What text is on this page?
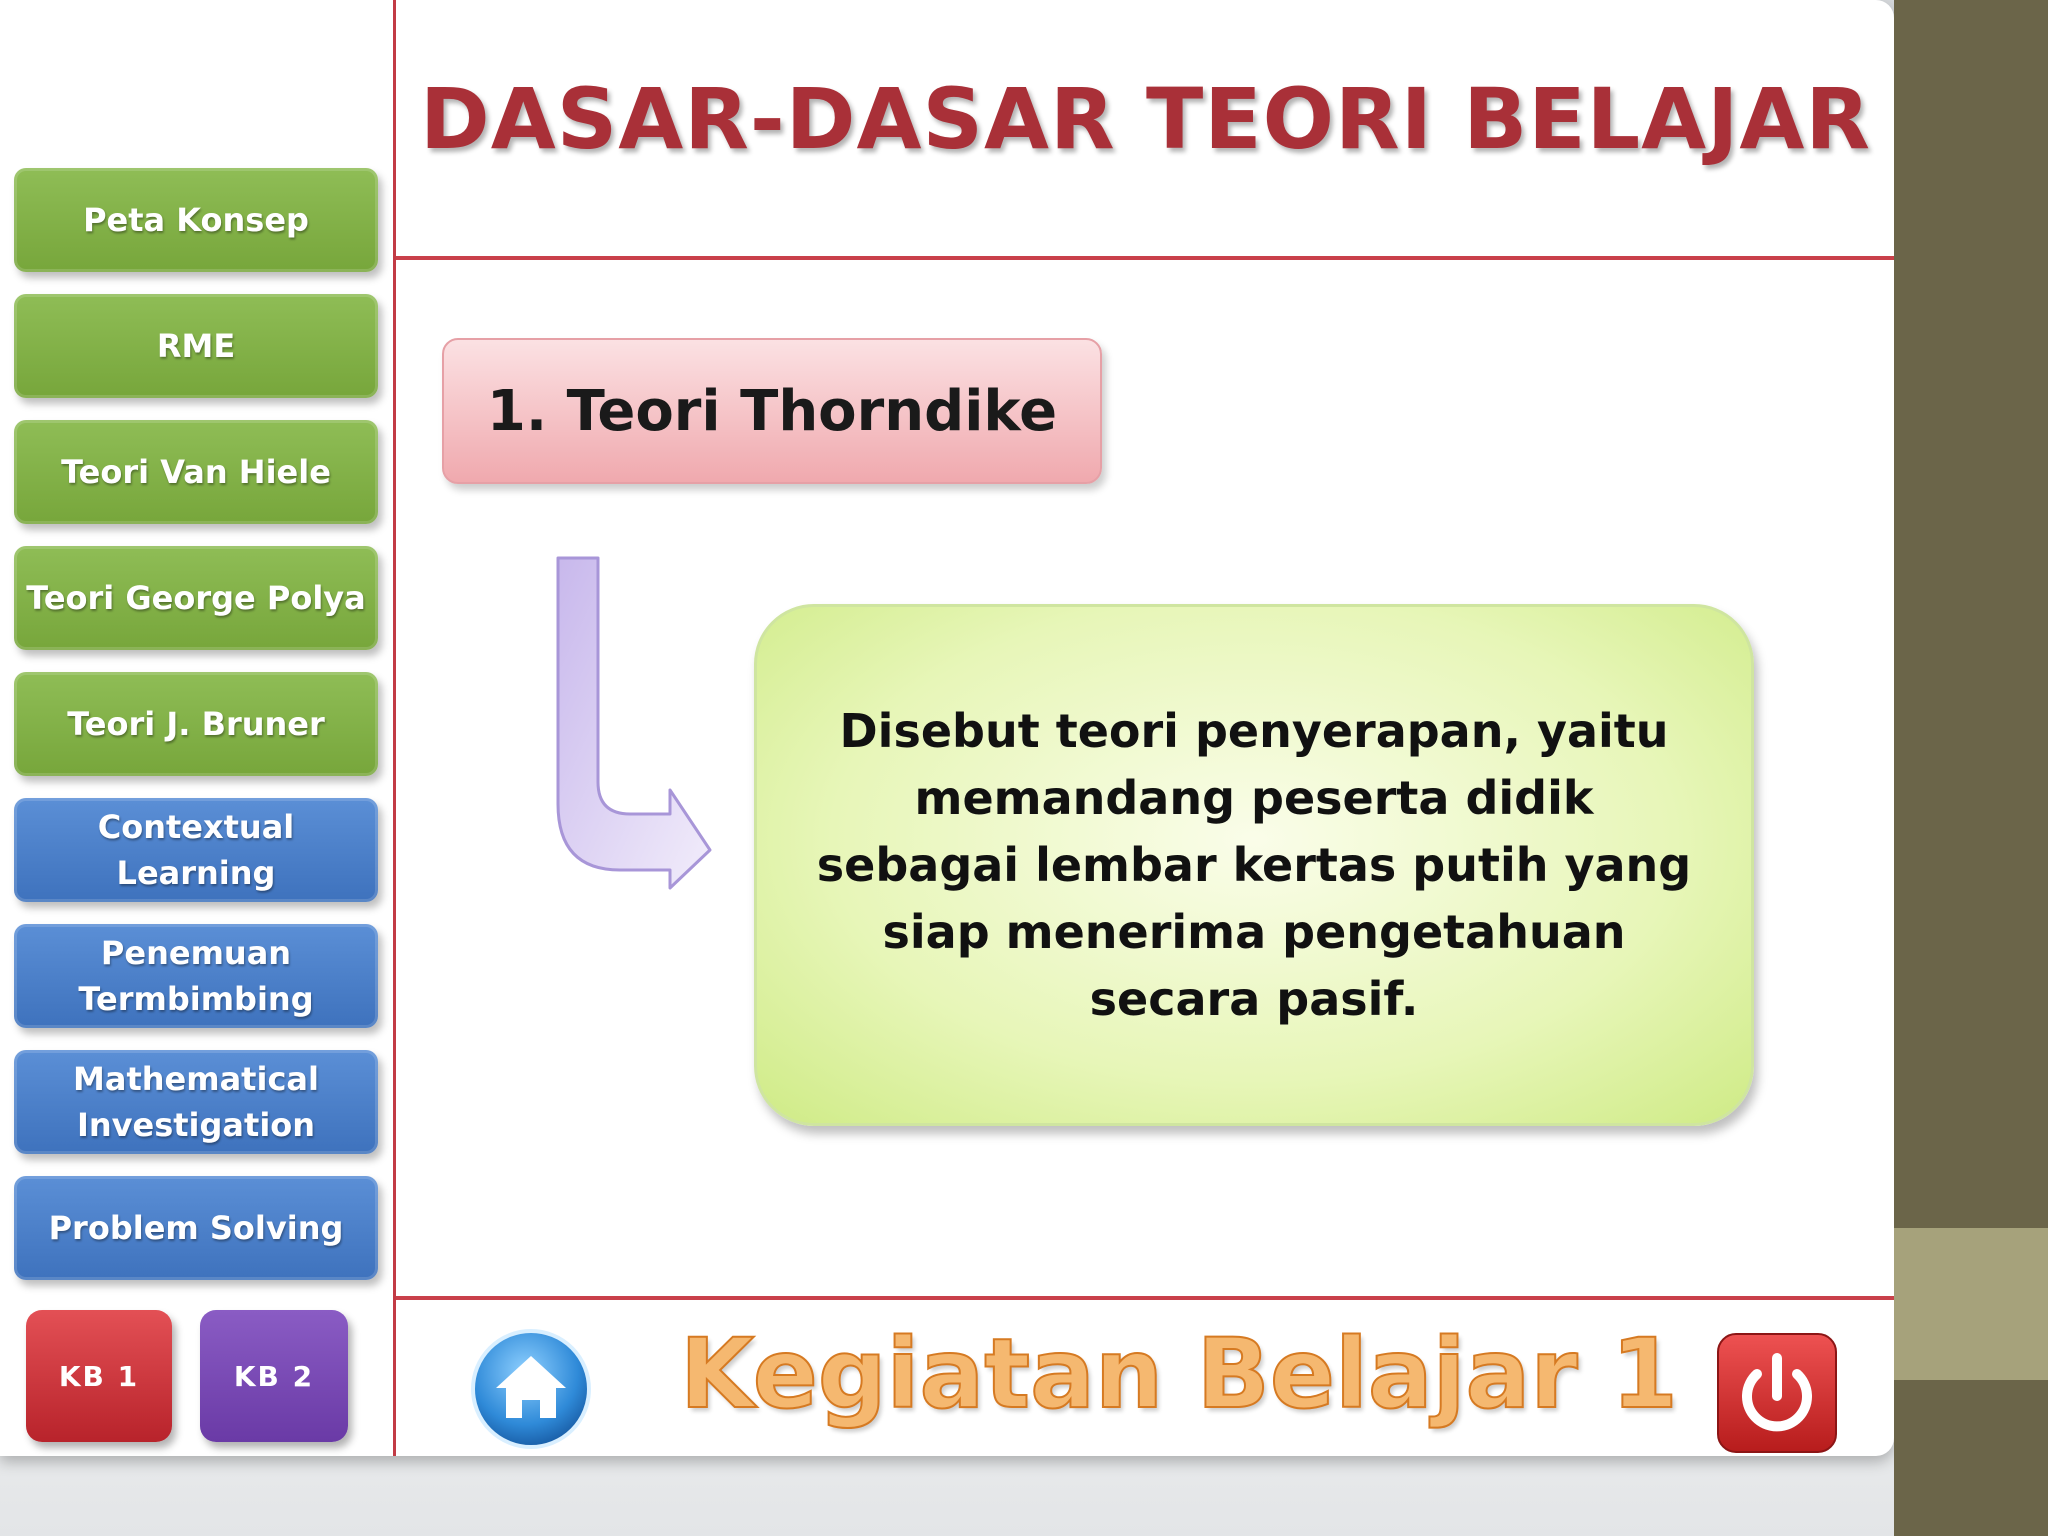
DASAR-DASAR TEORI BELAJAR
Peta Konsep
RME
Teori Van Hiele
Teori George Polya
Teori J. Bruner
Contextual Learning
Penemuan Termbimbing
Mathematical Investigation
Problem Solving
KB 1	KB 2
1. Teori Thorndike
Disebut teori penyerapan, yaitu memandang peserta didik sebagai lembar kertas putih yang siap menerima pengetahuan secara pasif.
Kegiatan Belajar 1
